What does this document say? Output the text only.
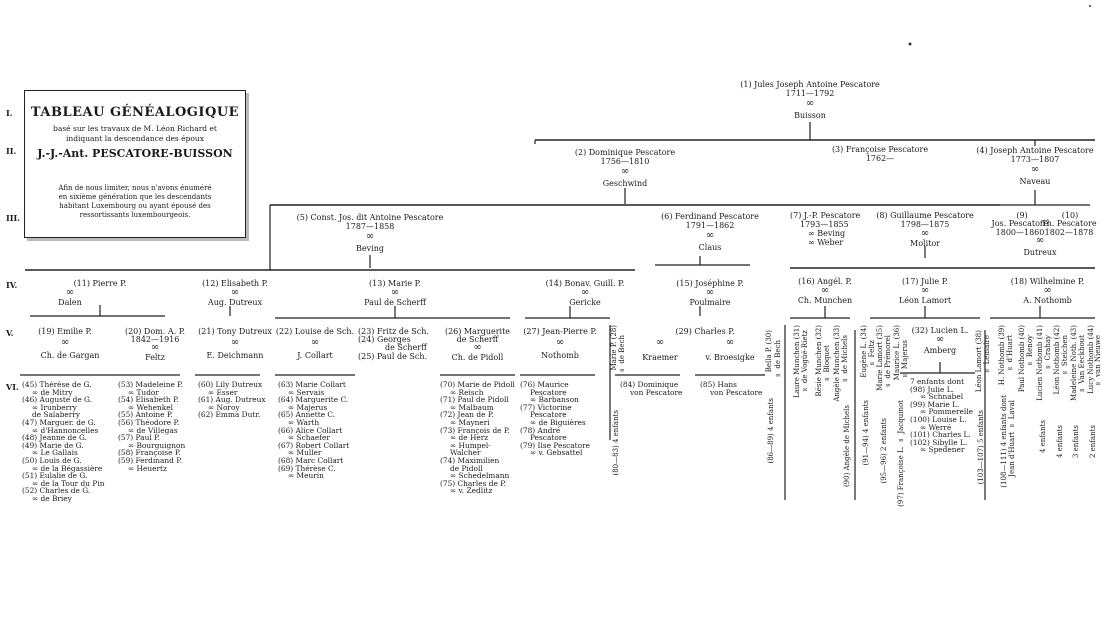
TABLEAU GÉNÉALOGIQUE
basé sur les travaux de M. Léon Richard et
indiquant la descendance des époux
J.-J.-Ant. PESCATORE-BUISSON
Afin de nous limiter, nous n'avons énuméré
en sixième génération que les descendants
habitant Luxembourg ou ayant épousé des
ressortissants luxembourgeois.
I.
II.
III.
IV.
V.
VI.
(1) Jules Joseph Antoine Pescatore
1711—1792
∞
Buisson
(2) Dominique Pescatore
1756—1810
∞
Geschwind
(3) Françoise Pescatore
1762—
(4) Joseph Antoine Pescatore
1773—1807
∞
Naveau
(5) Const. Jos. dit Antoine Pescatore
1787—1858
∞
Beving
(6) Ferdinand Pescatore
1791—1862
∞
Claus
(7) J.-P. Pescatore
1793—1855
∞ Beving
∞ Weber
(8) Guillaume Pescatore
1798—1875
∞
Molitor
(9)
Jos. Pescatore
1800—1860
(10)
Th. Pescatore
1802—1878
∞
Dutreux
(11) Pierre P.
∞
Dalen
(12) Elisabeth P.
∞
Aug. Dutreux
(13) Marie P.
∞
Paul de Scherff
(14) Bonav. Guill. P.
∞
Gericke
(15) Joséphine P.
∞
Poulmaire
(16) Angél. P.
∞
Ch. Munchen
(17) Julie P.
∞
Léon Lamort
(18) Wilhelmine P.
∞
A. Nothomb
(19) Emilie P.
∞
Ch. de Gargan
(20) Dom. A. P.
1842—1916
∞
Feltz
(21) Tony Dutreux
∞
E. Deichmann
(22) Louise de Sch.
∞
J. Collart
(23) Fritz de Sch.
(24) Georges
de Scherff
(25) Paul de Sch.
(26) Marguerite
de Scherff
∞
Ch. de Pidoll
(27) Jean-Pierre P.
∞
Nothomb
(29) Charles P.
∞	∞
Kraemer	v. Broesigke
(32) Lucien L.
∞
Amberg
(45) Thérèse de G.
∞ de Mitry
(46) Auguste de G.
∞ Irunberry
de Salaberry
(47) Marguer. de G.
∞ d'Hannoncelles
(48) Jeanne de G.
(49) Marie de G.
∞ Le Gallais
(50) Louis de G.
∞ de la Bégassière
(51) Eulalie de G.
∞ de la Tour du Pin
(52) Charles de G.
∞ de Briey
(53) Madeleine P.
∞ Tudor
(54) Elisabeth P.
∞ Wehenkel
(55) Antoine P.
(56) Théodore P.
∞ de Villegas
(57) Paul P.
∞ Bourguignon
(58) Françoise P.
(59) Ferdinand P.
∞ Heuertz
(60) Lily Dutreux
∞ Esser
(61) Aug. Dutreux
∞ Noroy
(62) Emma Dutr.
(63) Marie Collart
∞ Servais
(64) Marguerite C.
∞ Majerus
(65) Annette C.
∞ Warth
(66) Alice Collart
∞ Schaefer
(67) Robert Collart
∞ Muller
(68) Marc Collart
(69) Thérèse C.
∞ Meurin
(70) Marie de Pidoll
∞ Reisch
(71) Paul de Pidoll
∞ Malbaum
(72) Jean de P.
∞ Mayneri
(73) François de P.
∞ de Herz
∞ Humpel-
Walcher
(74) Maximilien
de Pidoll
∞ Schedelmann
(75) Charles de P.
∞ v. Zedlitz
(76) Maurice
Pescatore
∞ Barbanson
(77) Victorine
Pescatore
∞ de Biguières
(78) André
Pescatore
(79) Ilse Pescatore
∞ v. Gebsattel
(84) Dominique
von Pescatore
(85) Hans
von Pescatore
7 enfants dont
(98) Julie L.
∞ Schnabel
(99) Marie L.
∞ Pommerelle
(100) Louise L.
∞ Werré
(101) Charles L.
(102) Sibylle L.
∞ Spedener
Marie P. (28) ∞ de Bech
(80—83) 4 enfants
Bella P. (30) ∞ de Bech
(86—89) 4 enfants
Laure Munchen (31) ∞ de Vogüé-Rietz Résie Munchen (32) ∞ Bloquet Angèle Munchen (33) ∞ de Michels
(90) Angèle de Michels
Eugène L. (34) ∞ Feltz
(91—94) 4 enfants
Marie Lamort (35) ∞ de Prémorel
(95—96) 2 enfants
Maurice L. (36) ∞ Majerus
(97) Françoise L. ∞ Jacquinot
Léon Lamort (38) ∞ Lemaire
(103—107) 5 enfants
H. Nothomb (39) ∞ d'Huart
(108—111) 4 enfants dont Jean d'Huart ∞ Laval
Paul Nothomb (40) ∞ Renoy Lucien Nothomb (41) ∞ Crahay
4 enfants
Léon Nothomb (42) ∞ Steichen Madeleine Noth. (43) ∞ Van Eeckhout Lucy Nothomb (44) ∞ van Nieuwe
3 enfants 2 enfants
4 enfants
